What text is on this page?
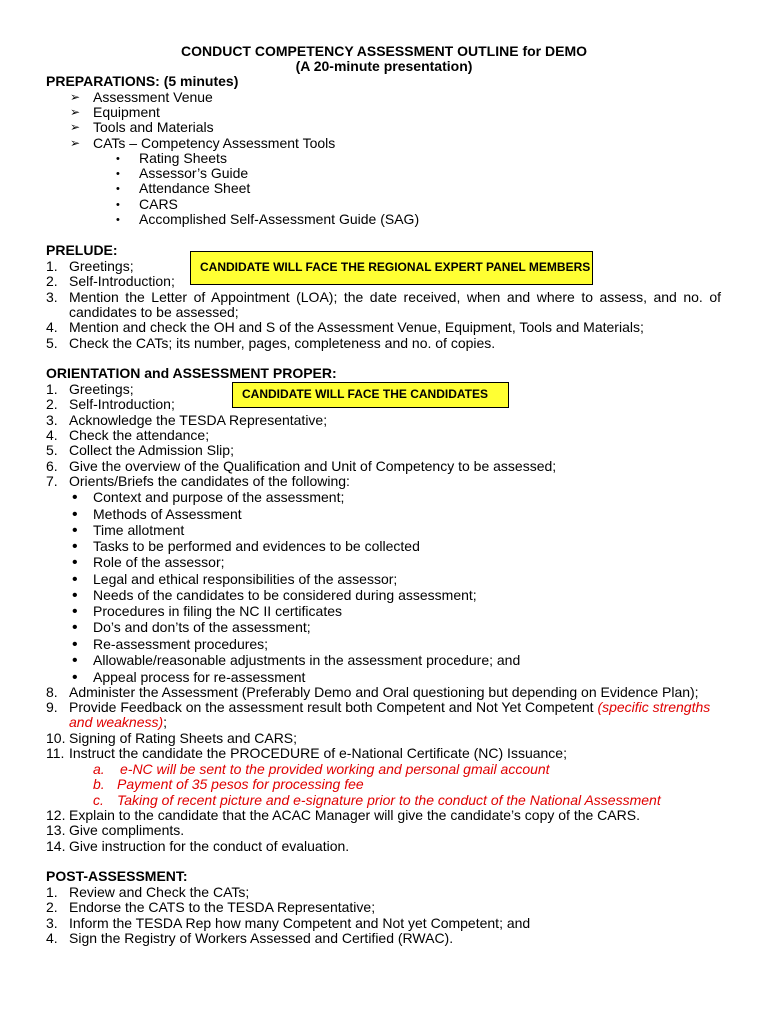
CONDUCT COMPETENCY ASSESSMENT OUTLINE for DEMO
(A 20-minute presentation)
PREPARATIONS: (5 minutes)
➢ Assessment Venue
➢ Equipment
➢ Tools and Materials
➢ CATs – Competency Assessment Tools
• Rating Sheets
• Assessor’s Guide
• Attendance Sheet
• CARS
• Accomplished Self-Assessment Guide (SAG)
PRELUDE:
CANDIDATE WILL FACE THE REGIONAL EXPERT PANEL MEMBERS
1. Greetings;
2. Self-Introduction;
3. Mention the Letter of Appointment (LOA); the date received, when and where to assess, and no. of
candidates to be assessed;
4. Mention and check the OH and S of the Assessment Venue, Equipment, Tools and Materials;
5. Check the CATs; its number, pages, completeness and no. of copies.
ORIENTATION and ASSESSMENT PROPER:
CANDIDATE WILL FACE THE CANDIDATES
1. Greetings;
2. Self-Introduction;
3. Acknowledge the TESDA Representative;
4. Check the attendance;
5. Collect the Admission Slip;
6. Give the overview of the Qualification and Unit of Competency to be assessed;
7. Orients/Briefs the candidates of the following:
• Context and purpose of the assessment;
• Methods of Assessment
• Time allotment
• Tasks to be performed and evidences to be collected
• Role of the assessor;
• Legal and ethical responsibilities of the assessor;
• Needs of the candidates to be considered during assessment;
• Procedures in filing the NC II certificates
• Do’s and don’ts of the assessment;
• Re-assessment procedures;
• Allowable/reasonable adjustments in the assessment procedure; and
• Appeal process for re-assessment
8. Administer the Assessment (Preferably Demo and Oral questioning but depending on Evidence Plan);
9. Provide Feedback on the assessment result both Competent and Not Yet Competent (specific strengths
and weakness);
10. Signing of Rating Sheets and CARS;
11. Instruct the candidate the PROCEDURE of e-National Certificate (NC) Issuance;
a. e-NC will be sent to the provided working and personal gmail account
b. Payment of 35 pesos for processing fee
c. Taking of recent picture and e-signature prior to the conduct of the National Assessment
12. Explain to the candidate that the ACAC Manager will give the candidate’s copy of the CARS.
13. Give compliments.
14. Give instruction for the conduct of evaluation.
POST-ASSESSMENT:
1. Review and Check the CATs;
2. Endorse the CATS to the TESDA Representative;
3. Inform the TESDA Rep how many Competent and Not yet Competent; and
4. Sign the Registry of Workers Assessed and Certified (RWAC).
